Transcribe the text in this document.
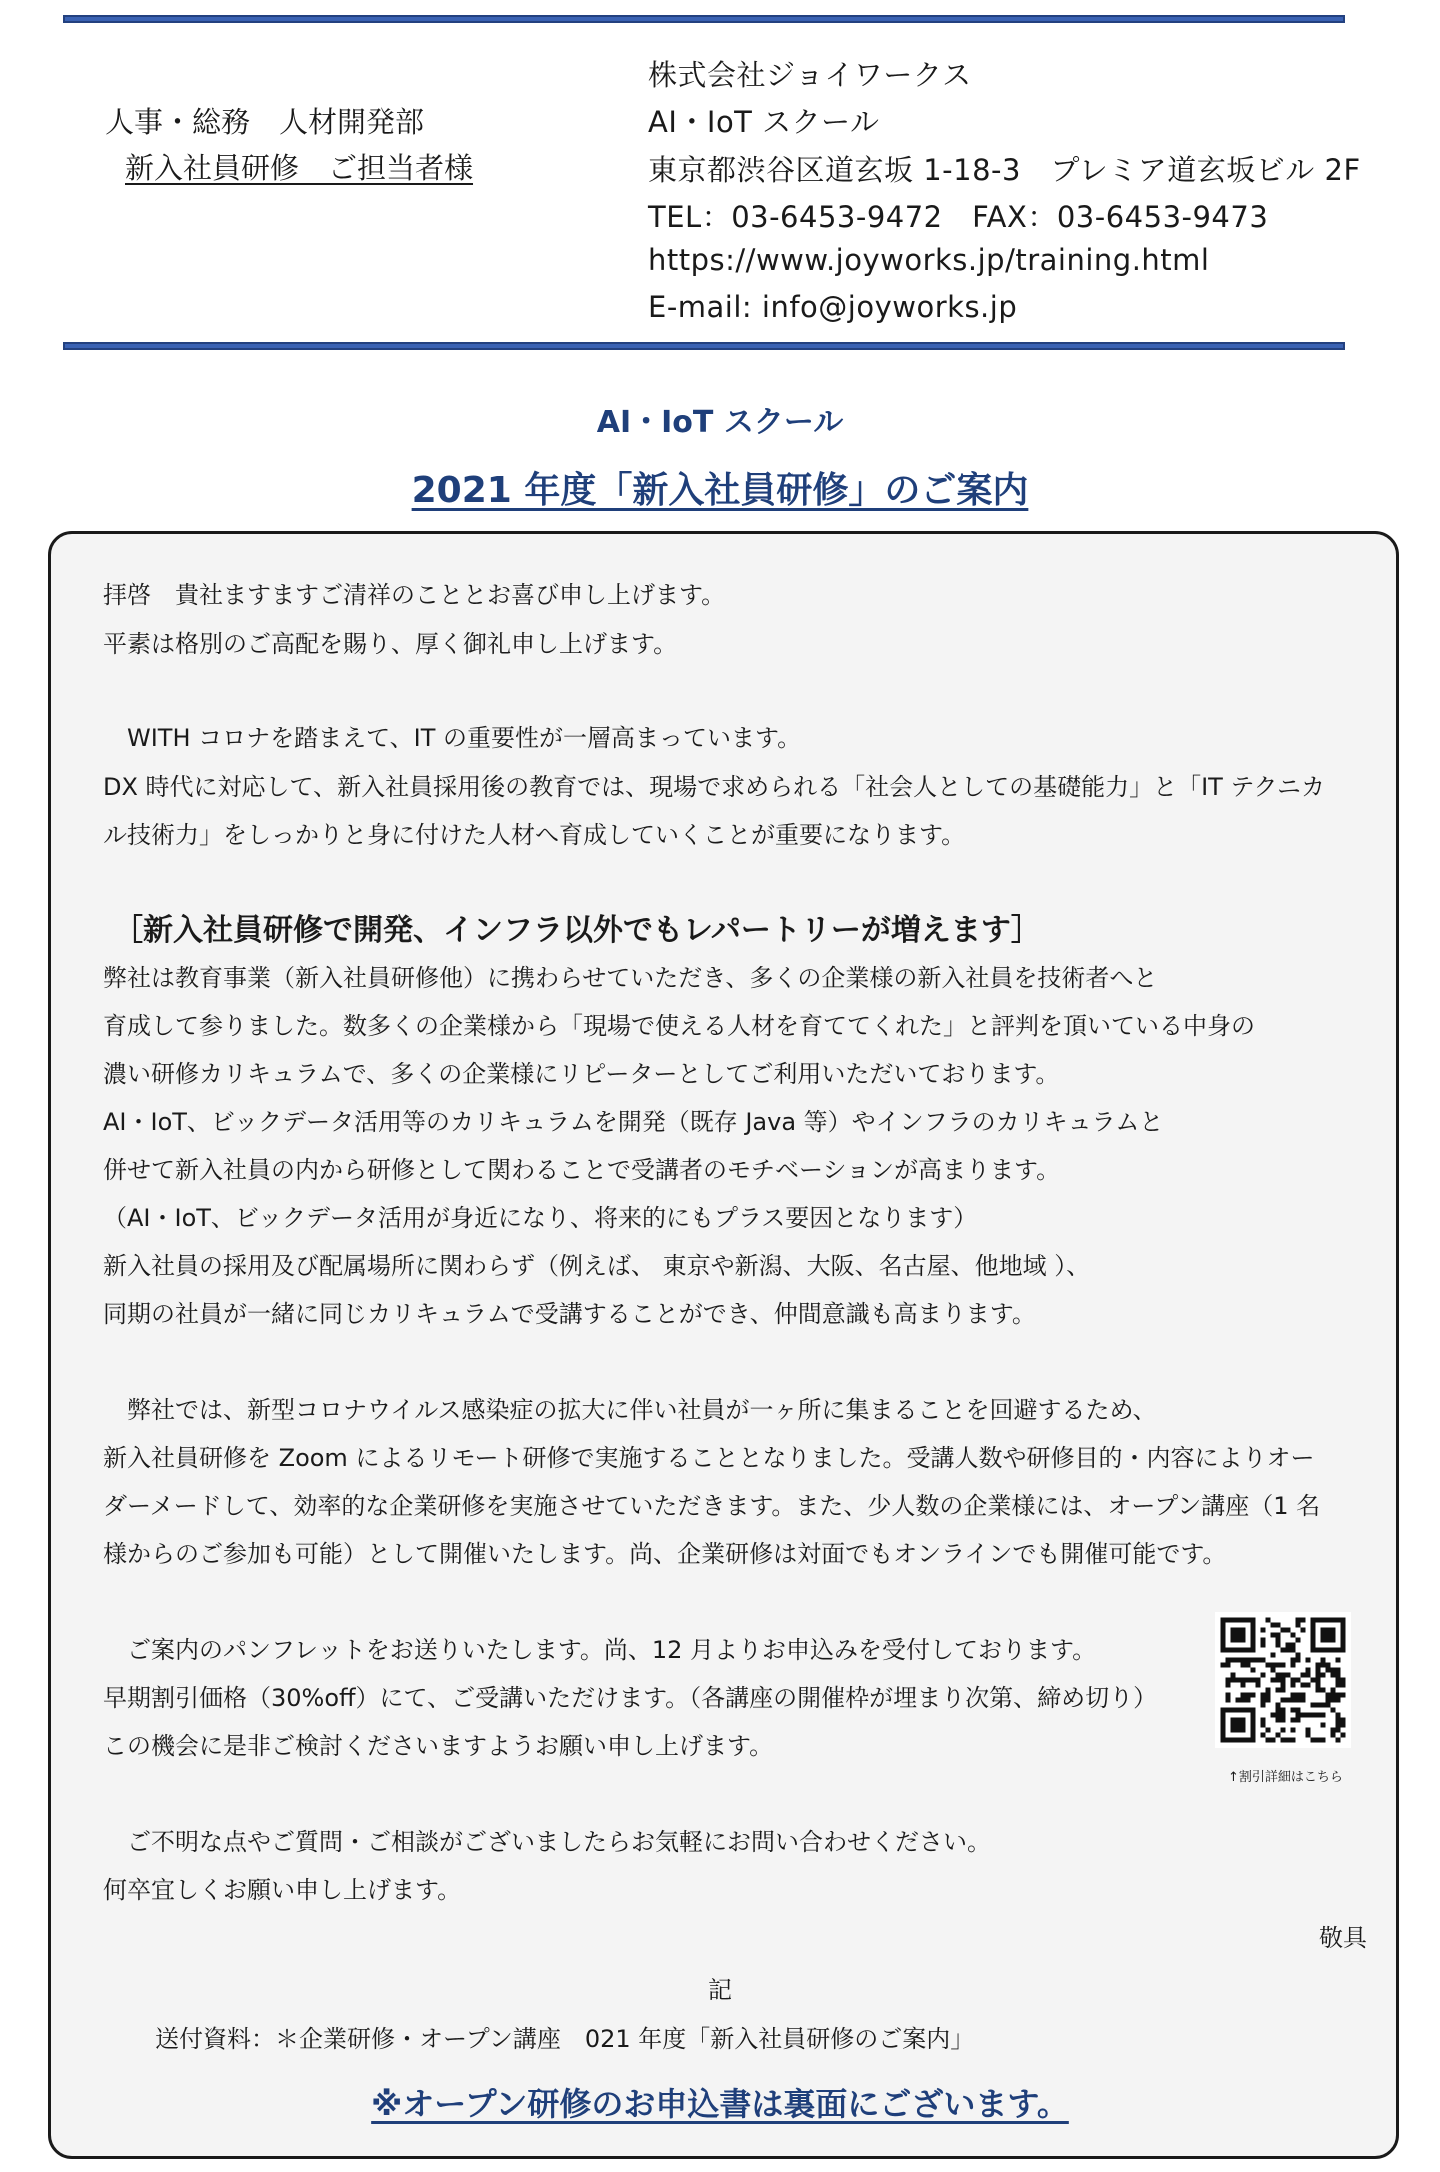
人事・総務　人材開発部
新入社員研修　ご担当者様
株式会社ジョイワークス
AI・IoT スクール
東京都渋谷区道玄坂 1-18-3　プレミア道玄坂ビル 2F
TEL：03-6453-9472　FAX：03-6453-9473
https://www.joyworks.jp/training.html
E-mail: info@joyworks.jp
AI・IoT スクール
2021 年度「新入社員研修」のご案内
拝啓　貴社ますますご清祥のこととお喜び申し上げます。
平素は格別のご高配を賜り、厚く御礼申し上げます。
　WITH コロナを踏まえて、IT の重要性が一層高まっています。
DX 時代に対応して、新入社員採用後の教育では、現場で求められる「社会人としての基礎能力」と「IT テクニカ
ル技術力」をしっかりと身に付けた人材へ育成していくことが重要になります。
［新入社員研修で開発、インフラ以外でもレパートリーが増えます］
弊社は教育事業（新入社員研修他）に携わらせていただき、多くの企業様の新入社員を技術者へと
育成して参りました。数多くの企業様から「現場で使える人材を育ててくれた」と評判を頂いている中身の
濃い研修カリキュラムで、多くの企業様にリピーターとしてご利用いただいております。
AI・IoT、ビックデータ活用等のカリキュラムを開発（既存 Java 等）やインフラのカリキュラムと
併せて新入社員の内から研修として関わることで受講者のモチベーションが高まります。
（AI・IoT、ビックデータ活用が身近になり、将来的にもプラス要因となります）
新入社員の採用及び配属場所に関わらず（例えば、 東京や新潟、大阪、名古屋、他地域 ）、
同期の社員が一緒に同じカリキュラムで受講することができ、仲間意識も高まります。
　弊社では、新型コロナウイルス感染症の拡大に伴い社員が一ヶ所に集まることを回避するため、
新入社員研修を Zoom によるリモート研修で実施することとなりました。受講人数や研修目的・内容によりオー
ダーメードして、効率的な企業研修を実施させていただきます。また、少人数の企業様には、オープン講座（1 名
様からのご参加も可能）として開催いたします。尚、企業研修は対面でもオンラインでも開催可能です。
　ご案内のパンフレットをお送りいたします。尚、12 月よりお申込みを受付しております。
早期割引価格（30%off）にて、ご受講いただけます。（各講座の開催枠が埋まり次第、締め切り）
この機会に是非ご検討くださいますようお願い申し上げます。
↑割引詳細はこちら
　ご不明な点やご質問・ご相談がございましたらお気軽にお問い合わせください。
何卒宜しくお願い申し上げます。
敬具
記
送付資料：＊企業研修・オープン講座　021 年度「新入社員研修のご案内」
※オープン研修のお申込書は裏面にございます。
